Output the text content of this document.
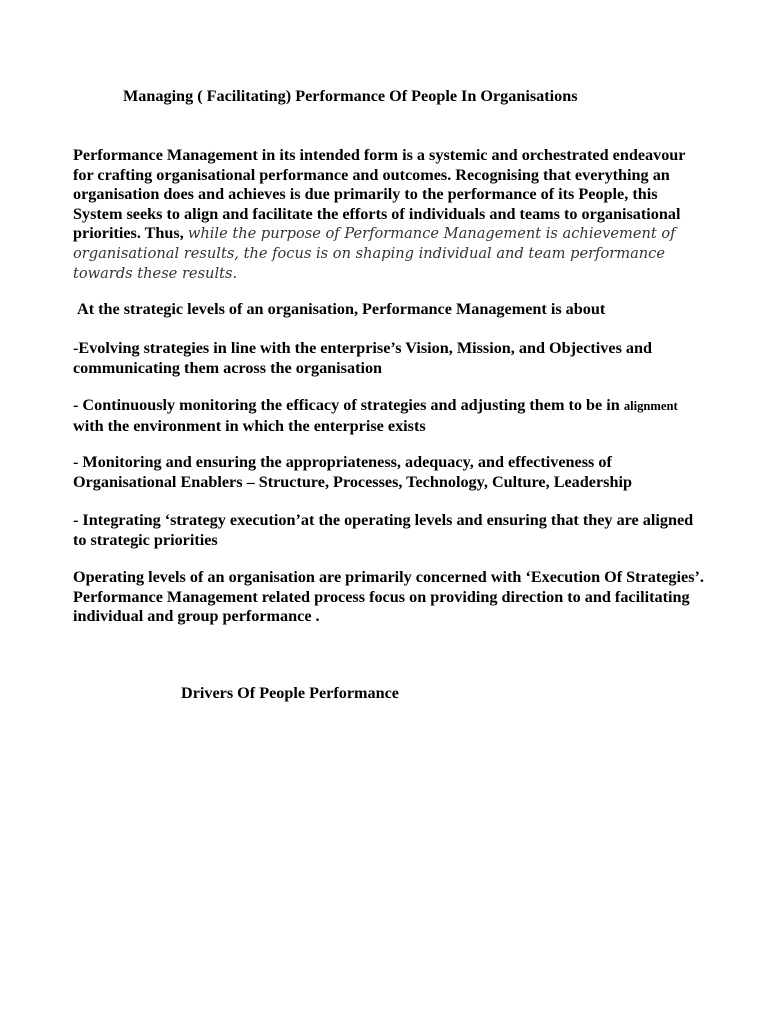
Managing ( Facilitating) Performance Of People In Organisations
Performance Management in its intended form is a systemic and orchestrated endeavour for crafting organisational performance and outcomes. Recognising that everything an organisation does and achieves is due primarily to the performance of its People, this System seeks to align and facilitate the efforts of individuals and teams to organisational priorities. Thus, while the purpose of Performance Management is achievement of organisational results, the focus is on shaping individual and team performance towards these results.
At the strategic levels of an organisation, Performance Management is about
-Evolving strategies in line with the enterprise’s Vision, Mission, and Objectives and communicating them across the organisation
- Continuously monitoring the efficacy of strategies and adjusting them to be in alignment with the environment in which the enterprise exists
- Monitoring and ensuring the appropriateness, adequacy, and effectiveness of Organisational Enablers – Structure, Processes, Technology, Culture, Leadership
- Integrating ‘strategy execution’at the operating levels and ensuring that they are aligned to strategic priorities
Operating levels of an organisation are primarily concerned with ‘Execution Of Strategies’. Performance Management related process focus on providing direction to and facilitating individual and group performance .
Drivers Of People Performance
